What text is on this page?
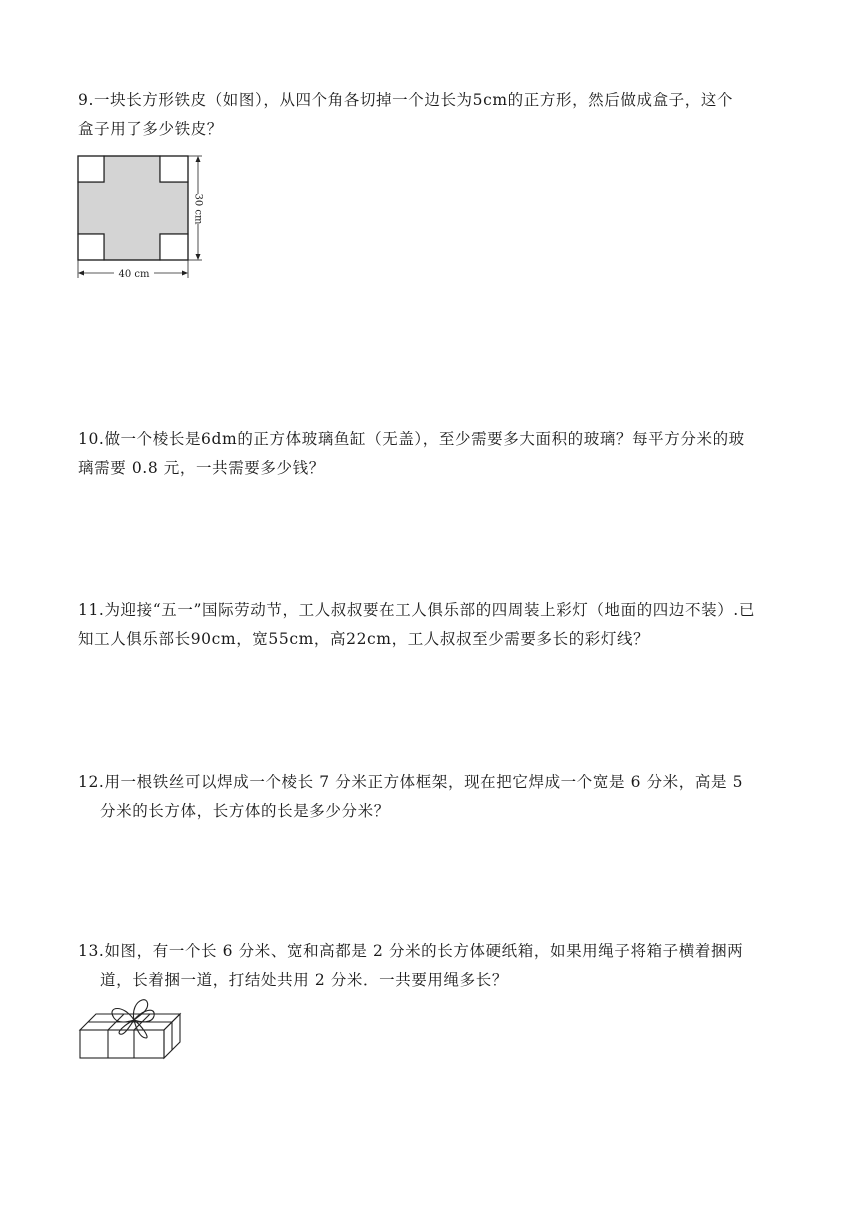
9.一块长方形铁皮（如图），从四个角各切掉一个边长为5cm的正方形，然后做成盒子，这个

盒子用了多少铁皮？

30 cm
40 cm

10.做一个棱长是6dm的正方体玻璃鱼缸（无盖），至少需要多大面积的玻璃？每平方分米的玻

璃需要 0.8 元，一共需要多少钱？

11.为迎接“五一”国际劳动节，工人叔叔要在工人俱乐部的四周装上彩灯（地面的四边不装）.已

知工人俱乐部长90cm，宽55cm，高22cm，工人叔叔至少需要多长的彩灯线？

12.用一根铁丝可以焊成一个棱长 7 分米正方体框架，现在把它焊成一个宽是 6 分米，高是 5

分米的长方体，长方体的长是多少分米？

13.如图，有一个长 6 分米、宽和高都是 2 分米的长方体硬纸箱，如果用绳子将箱子横着捆两

道，长着捆一道，打结处共用 2 分米．一共要用绳多长？
